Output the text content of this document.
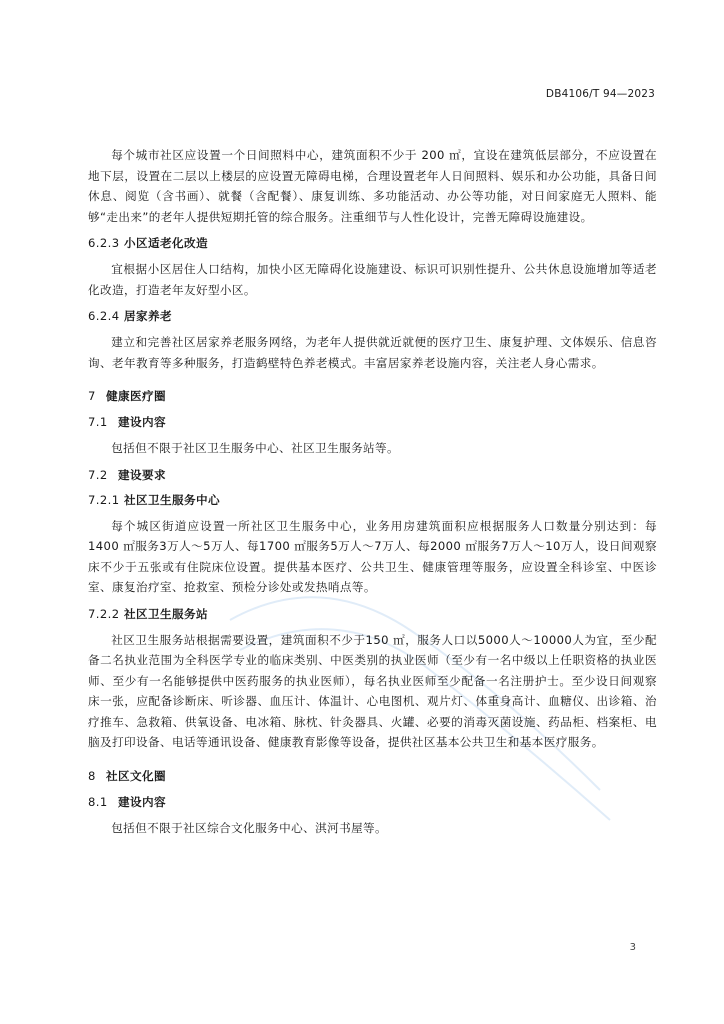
DB4106/T 94—2023

每个城市社区应设置一个日间照料中心，建筑面积不少于 200 ㎡，宜设在建筑低层部分，不应设置在地下层，设置在二层以上楼层的应设置无障碍电梯，合理设置老年人日间照料、娱乐和办公功能，具备日间休息、阅览（含书画）、就餐（含配餐）、康复训练、多功能活动、办公等功能，对日间家庭无人照料、能够“走出来”的老年人提供短期托管的综合服务。注重细节与人性化设计，完善无障碍设施建设。

6.2.3 小区适老化改造

宜根据小区居住人口结构，加快小区无障碍化设施建设、标识可识别性提升、公共休息设施增加等适老化改造，打造老年友好型小区。

6.2.4 居家养老

建立和完善社区居家养老服务网络，为老年人提供就近就便的医疗卫生、康复护理、文体娱乐、信息咨询、老年教育等多种服务，打造鹤壁特色养老模式。丰富居家养老设施内容，关注老人身心需求。

7 健康医疗圈
7.1 建设内容

包括但不限于社区卫生服务中心、社区卫生服务站等。

7.2 建设要求
7.2.1 社区卫生服务中心

每个城区街道应设置一所社区卫生服务中心，业务用房建筑面积应根据服务人口数量分别达到：每1400 ㎡服务3万人～5万人、每1700 ㎡服务5万人～7万人、每2000 ㎡服务7万人～10万人，设日间观察床不少于五张或有住院床位设置。提供基本医疗、公共卫生、健康管理等服务，应设置全科诊室、中医诊室、康复治疗室、抢救室、预检分诊处或发热哨点等。

7.2.2 社区卫生服务站

社区卫生服务站根据需要设置，建筑面积不少于150 ㎡，服务人口以5000人～10000人为宜，至少配备二名执业范围为全科医学专业的临床类别、中医类别的执业医师（至少有一名中级以上任职资格的执业医师、至少有一名能够提供中医药服务的执业医师），每名执业医师至少配备一名注册护士。至少设日间观察床一张，应配备诊断床、听诊器、血压计、体温计、心电图机、观片灯、体重身高计、血糖仪、出诊箱、治疗推车、急救箱、供氧设备、电冰箱、脉枕、针灸器具、火罐、必要的消毒灭菌设施、药品柜、档案柜、电脑及打印设备、电话等通讯设备、健康教育影像等设备，提供社区基本公共卫生和基本医疗服务。

8 社区文化圈
8.1 建设内容

包括但不限于社区综合文化服务中心、淇河书屋等。

3
